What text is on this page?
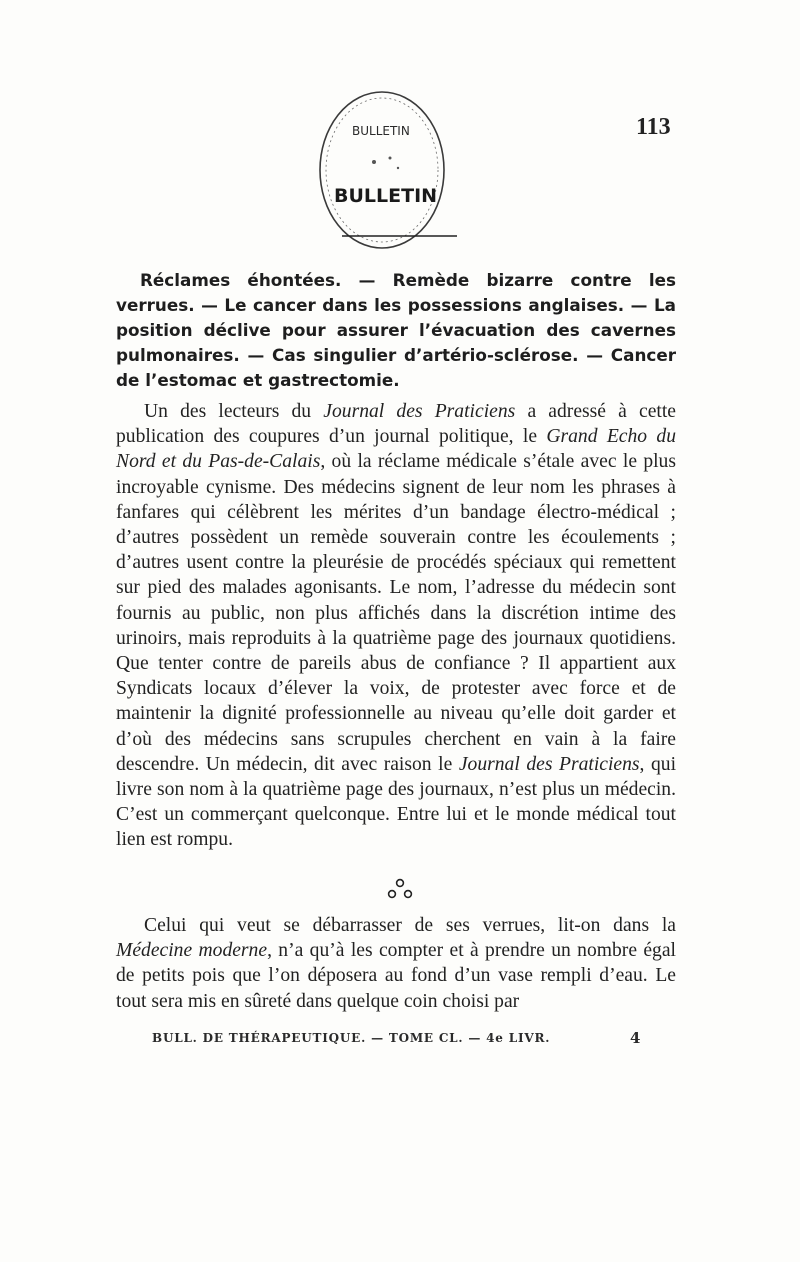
BULLETIN
BULLETIN
113
Réclames éhontées. — Remède bizarre contre les verrues. — Le cancer dans les possessions anglaises. — La position déclive pour assurer l’évacuation des cavernes pulmonaires. — Cas singulier d’artério-sclérose. — Cancer de l’estomac et gastrectomie.

Un des lecteurs du Journal des Praticiens a adressé à cette publication des coupures d’un journal politique, le Grand Echo du Nord et du Pas-de-Calais, où la réclame médicale s’étale avec le plus incroyable cynisme. Des médecins signent de leur nom les phrases à fanfares qui célèbrent les mérites d’un bandage électro-médical ; d’autres possèdent un remède souverain contre les écoulements ; d’autres usent contre la pleurésie de procédés spéciaux qui remettent sur pied des malades agonisants. Le nom, l’adresse du médecin sont fournis au public, non plus affichés dans la discrétion intime des urinoirs, mais reproduits à la quatrième page des journaux quotidiens. Que tenter contre de pareils abus de confiance ? Il appartient aux Syndicats locaux d’élever la voix, de protester avec force et de maintenir la dignité professionnelle au niveau qu’elle doit garder et d’où des médecins sans scrupules cherchent en vain à la faire descendre. Un médecin, dit avec raison le Journal des Praticiens, qui livre son nom à la quatrième page des journaux, n’est plus un médecin. C’est un commerçant quelconque. Entre lui et le monde médical tout lien est rompu.

Celui qui veut se débarrasser de ses verrues, lit-on dans la Médecine moderne, n’a qu’à les compter et à prendre un nombre égal de petits pois que l’on déposera au fond d’un vase rempli d’eau. Le tout sera mis en sûreté dans quelque coin choisi par

BULL. DE THÉRAPEUTIQUE. — TOME CL. — 4e LIVR.	4
